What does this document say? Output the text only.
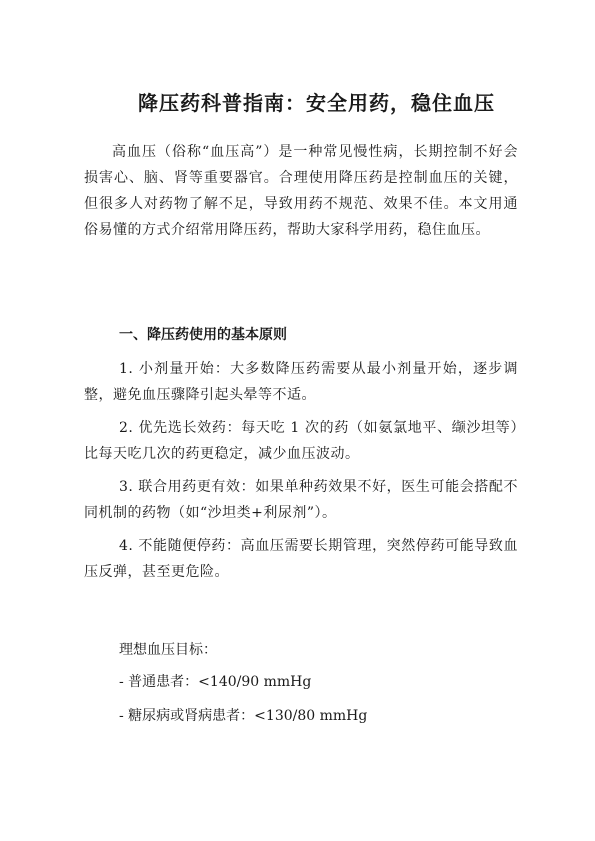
降压药科普指南：安全用药，稳住血压

高血压（俗称“血压高”）是一种常见慢性病，长期控制不好会损害心、脑、肾等重要器官。合理使用降压药是控制血压的关键，但很多人对药物了解不足，导致用药不规范、效果不佳。本文用通俗易懂的方式介绍常用降压药，帮助大家科学用药，稳住血压。

一、降压药使用的基本原则
1. 小剂量开始：大多数降压药需要从最小剂量开始，逐步调整，避免血压骤降引起头晕等不适。
2. 优先选长效药：每天吃 1 次的药（如氨氯地平、缬沙坦等）比每天吃几次的药更稳定，减少血压波动。
3. 联合用药更有效：如果单种药效果不好，医生可能会搭配不同机制的药物（如“沙坦类+利尿剂”）。
4. 不能随便停药：高血压需要长期管理，突然停药可能导致血压反弹，甚至更危险。

理想血压目标：

- 普通患者：<140/90 mmHg
- 糖尿病或肾病患者：<130/80 mmHg
